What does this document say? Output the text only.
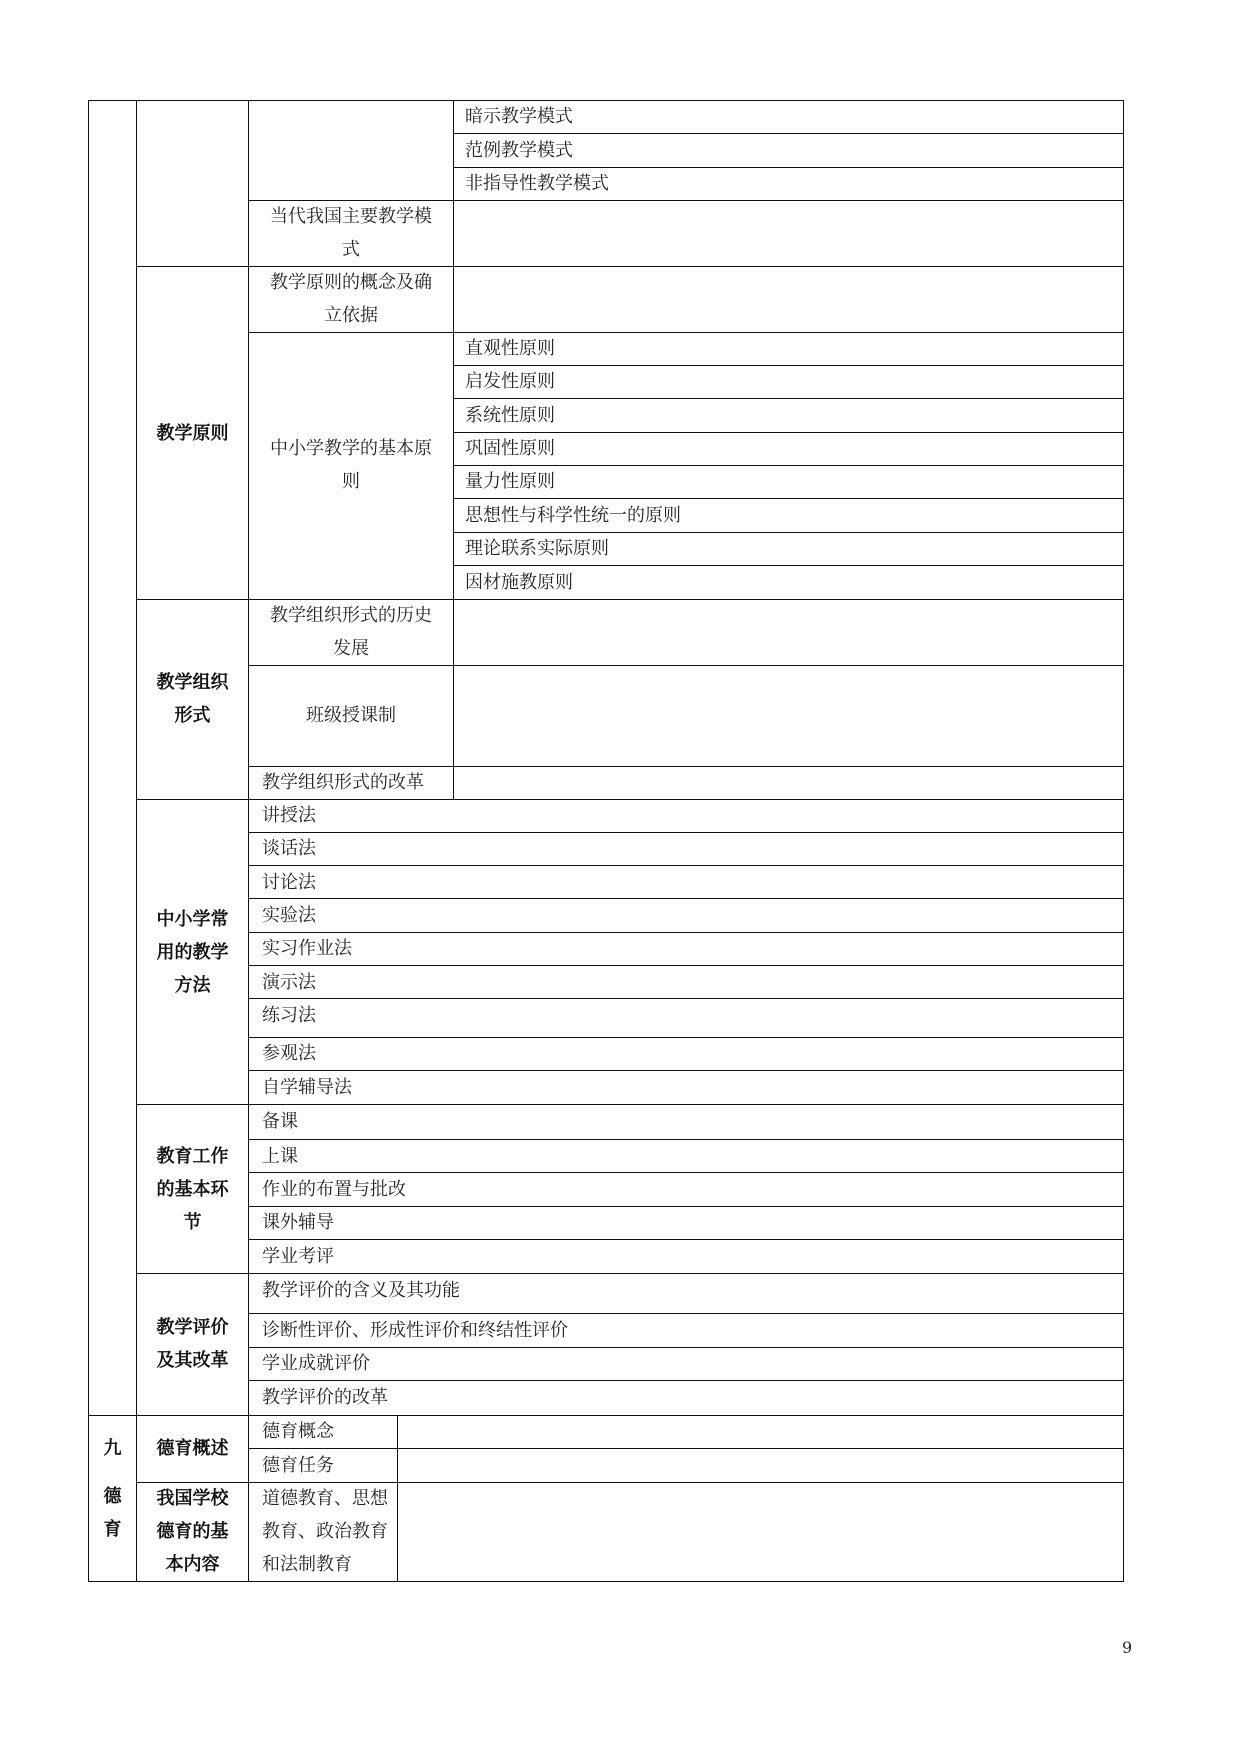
暗示教学模式
范例教学模式
非指导性教学模式
当代我国主要教学模
式
教学原则的概念及确
立依据
教学原则
中小学教学的基本原
则
直观性原则
启发性原则
系统性原则
巩固性原则
量力性原则
思想性与科学性统一的原则
理论联系实际原则
因材施教原则
教学组织形式的历史
发展
教学组织
形式	班级授课制
教学组织形式的改革
中小学常
用的教学
方法
讲授法
谈话法
讨论法
实验法
实习作业法
演示法
练习法
参观法
自学辅导法
教育工作
的基本环
节
备课
上课
作业的布置与批改
课外辅导
学业考评
教学评价
及其改革
教学评价的含义及其功能
诊断性评价、形成性评价和终结性评价
学业成就评价
教学评价的改革
九
德
育
德育概述
德育概念
德育任务
我国学校
德育的基
本内容
道德教育、思想
教育、政治教育
和法制教育
9
